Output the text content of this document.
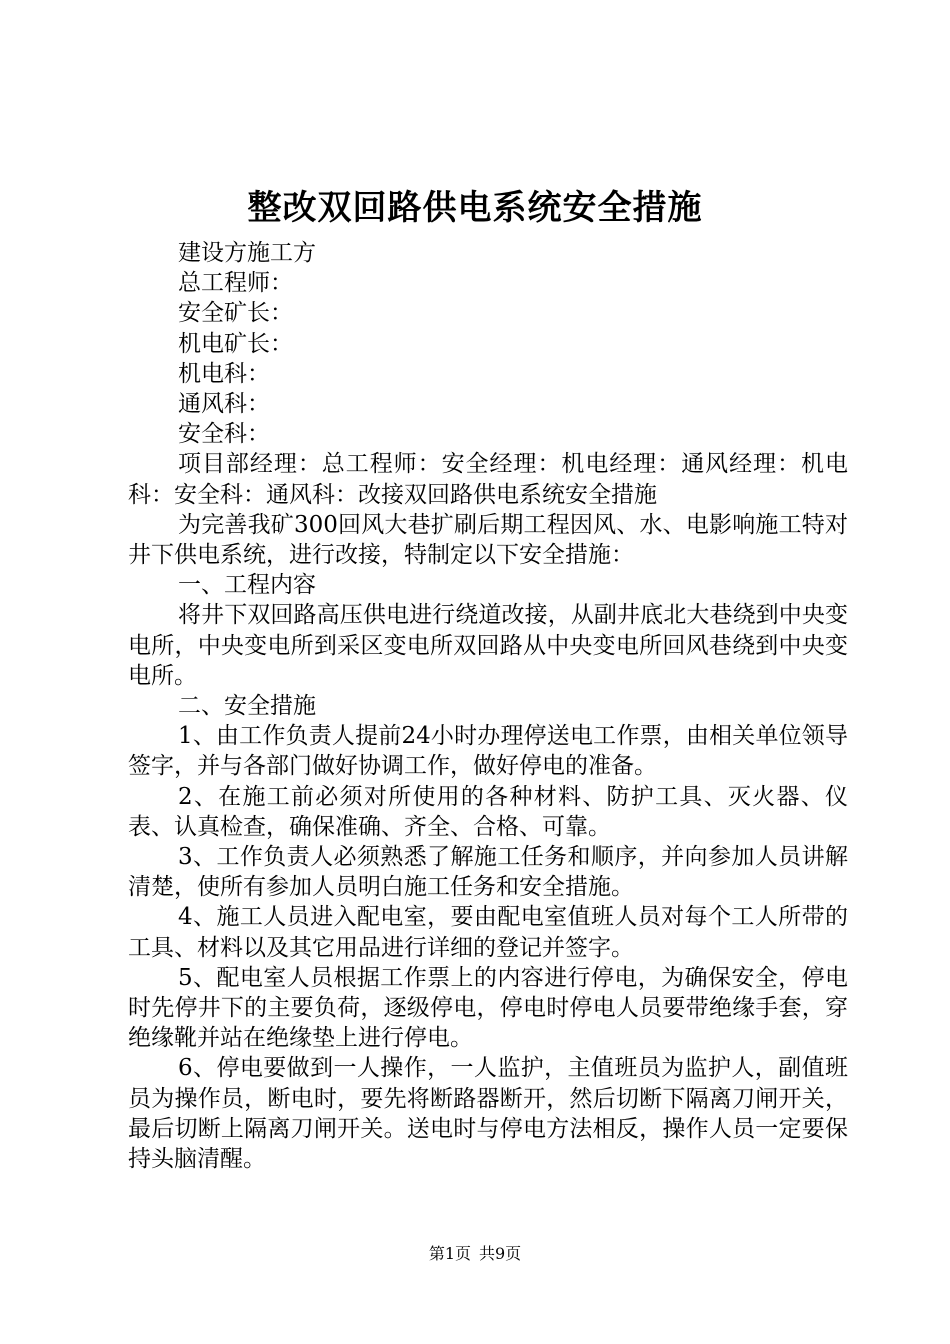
整改双回路供电系统安全措施

建设方施工方

总工程师：

安全矿长：

机电矿长：

机电科：

通风科：

安全科：

项目部经理：总工程师：安全经理：机电经理：通风经理：机电科：安全科：通风科：改接双回路供电系统安全措施

为完善我矿300回风大巷扩刷后期工程因风、水、电影响施工特对井下供电系统，进行改接，特制定以下安全措施：

一、工程内容

将井下双回路高压供电进行绕道改接，从副井底北大巷绕到中央变电所，中央变电所到采区变电所双回路从中央变电所回风巷绕到中央变电所。

二、安全措施

1、由工作负责人提前24小时办理停送电工作票，由相关单位领导签字，并与各部门做好协调工作，做好停电的准备。

2、在施工前必须对所使用的各种材料、防护工具、灭火器、仪表、认真检查，确保准确、齐全、合格、可靠。

3、工作负责人必须熟悉了解施工任务和顺序，并向参加人员讲解清楚，使所有参加人员明白施工任务和安全措施。

4、施工人员进入配电室，要由配电室值班人员对每个工人所带的工具、材料以及其它用品进行详细的登记并签字。

5、配电室人员根据工作票上的内容进行停电，为确保安全，停电时先停井下的主要负荷，逐级停电，停电时停电人员要带绝缘手套，穿绝缘靴并站在绝缘垫上进行停电。

6、停电要做到一人操作，一人监护，主值班员为监护人，副值班员为操作员，断电时，要先将断路器断开，然后切断下隔离刀闸开关，最后切断上隔离刀闸开关。送电时与停电方法相反，操作人员一定要保持头脑清醒。

第1页 共9页
